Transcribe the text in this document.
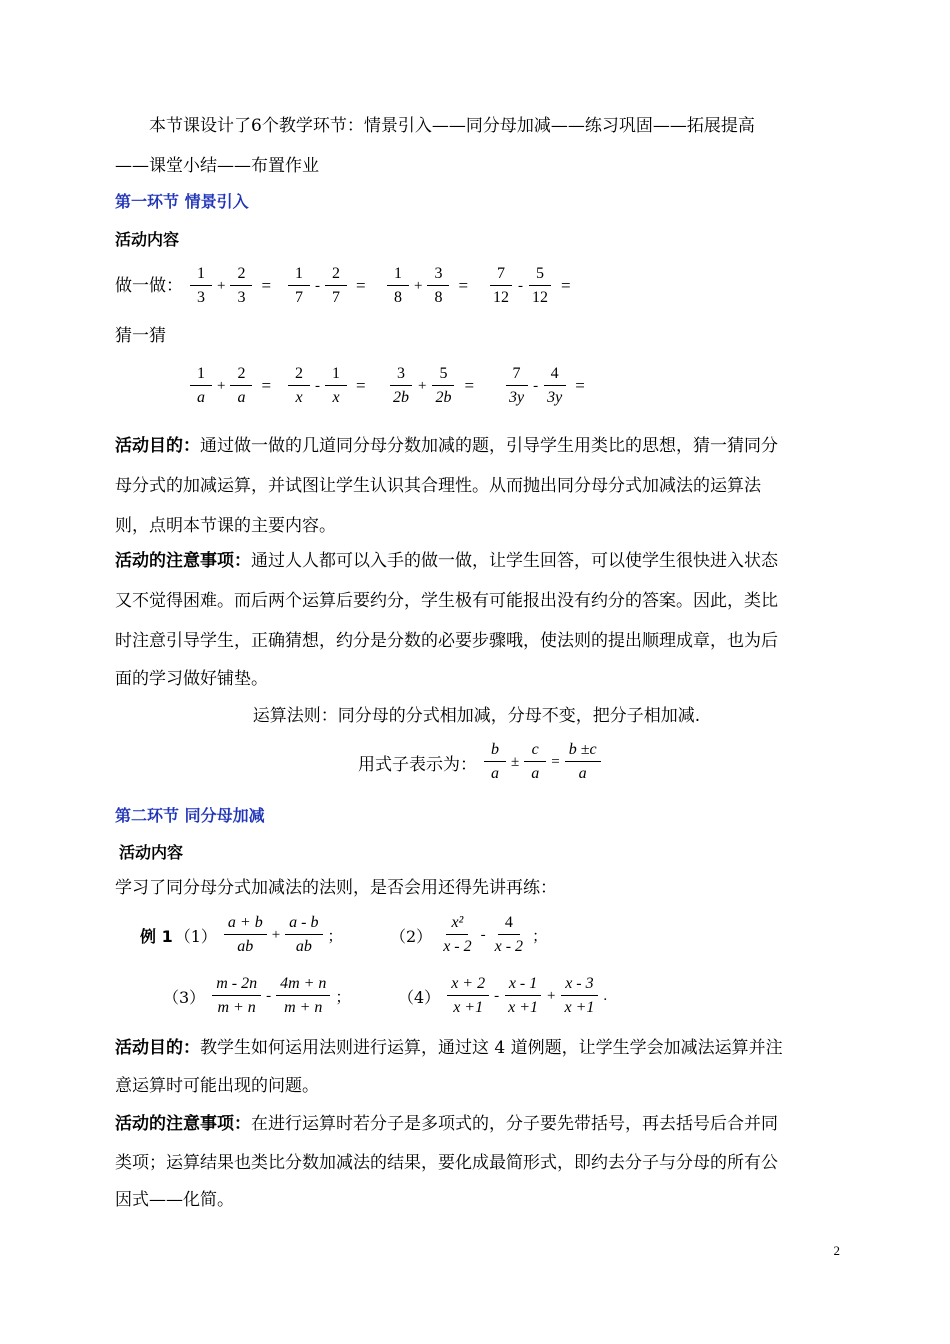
本节课设计了6个教学环节：情景引入——同分母加减——练习巩固——拓展提高
——课堂小结——布置作业
第一环节 情景引入
活动内容
做一做： $\frac{1}{3} + \frac{2}{3} = \frac{1}{7} - \frac{2}{7} = \frac{1}{8} + \frac{3}{8} = \frac{7}{12} - \frac{5}{12}$ =
猜一猜
$\frac{1}{a} + \frac{2}{a} = \frac{2}{x} - \frac{1}{x} = \frac{3}{2b} + \frac{5}{2b} = \frac{7}{3y} - \frac{4}{3y}$ =
活动目的：通过做一做的几道同分母分数加减的题，引导学生用类比的思想，猜一猜同分
母分式的加减运算，并试图让学生认识其合理性。从而抛出同分母分式加减法的运算法
则，点明本节课的主要内容。
活动的注意事项：通过人人都可以入手的做一做，让学生回答，可以使学生很快进入状态
又不觉得困难。而后两个运算后要约分，学生极有可能报出没有约分的答案。因此，类比
时注意引导学生，正确猜想，约分是分数的必要步骤哦，使法则的提出顺理成章，也为后
面的学习做好铺垫。
运算法则：同分母的分式相加减，分母不变，把分子相加减.
用式子表示为： $\frac{b}{a} \pm \frac{c}{a} = \frac{b \pm c}{a}$
第二环节 同分母加减
活动内容
学习了同分母分式加减法的法则，是否会用还得先讲再练：
例 1 $(1) \frac{a + b}{ab} + \frac{a - b}{ab}$ ；	$(2) \frac{\text{x²}}{x - 2} - \frac{4}{x - 2}$ ；
$(3) \frac{m - 2n}{m + n} - \frac{4m + n}{m + n}$ ；	$(4) \frac{x + 2}{x +1} - \frac{x - 1}{x +1} + \frac{x - 3}{x +1}$ .
活动目的：教学生如何运用法则进行运算，通过这 4 道例题，让学生学会加减法运算并注
意运算时可能出现的问题。
活动的注意事项：在进行运算时若分子是多项式的，分子要先带括号，再去括号后合并同
类项；运算结果也类比分数加减法的结果，要化成最简形式，即约去分子与分母的所有公
因式——化简。
2
